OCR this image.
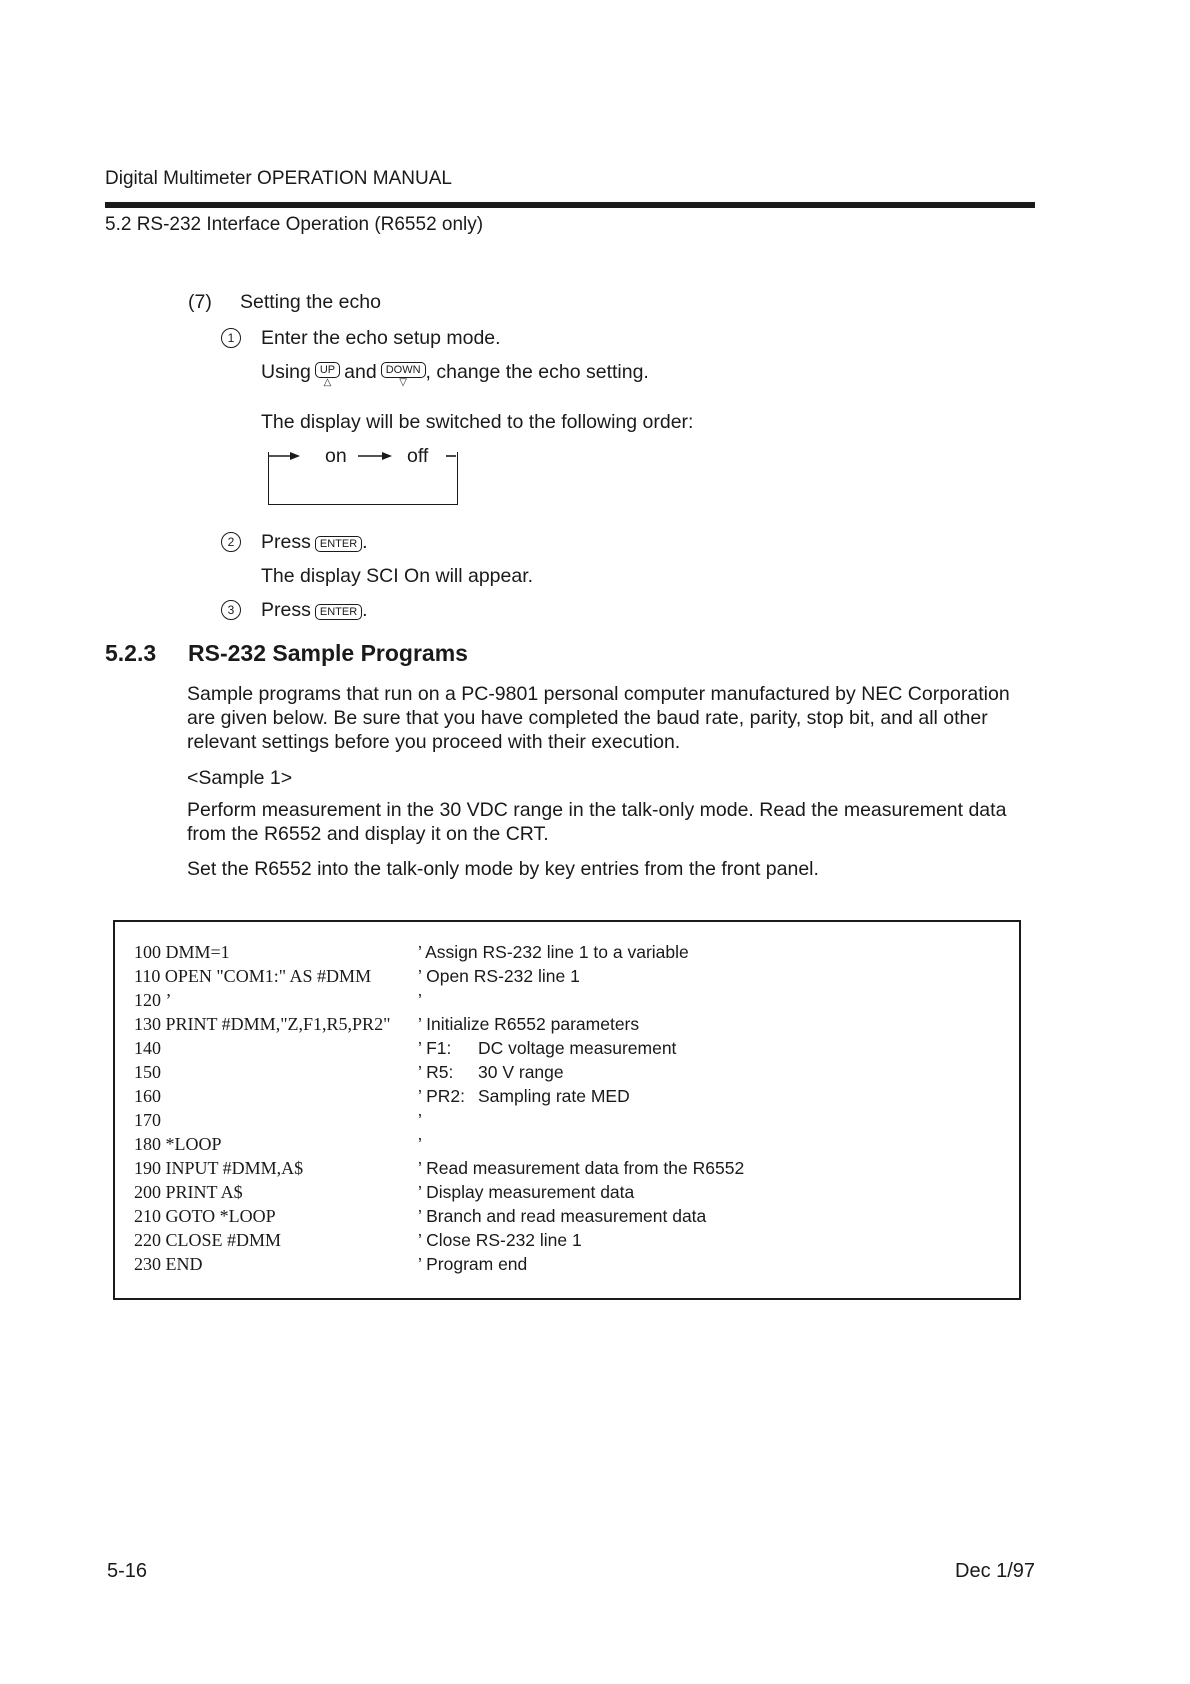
Digital Multimeter OPERATION MANUAL
5.2 RS-232 Interface Operation (R6552 only)
(7) Setting the echo
1	Enter the echo setup mode.
Using UP
△ and DOWN
▽ , change the echo setting.
The display will be switched to the following order:
on	off
2	Press ENTER .
The display SCI On will appear.
3	Press ENTER .
5.2.3 RS-232 Sample Programs
Sample programs that run on a PC-9801 personal computer manufactured by NEC Corporation are given below. Be sure that you have completed the baud rate, parity, stop bit, and all other relevant settings before you proceed with their execution.
<Sample 1>
Perform measurement in the 30 VDC range in the talk-only mode. Read the measurement data from the R6552 and display it on the CRT.
Set the R6552 into the talk-only mode by key entries from the front panel.
100 DMM=1	’ Assign RS-232 line 1 to a variable
110 OPEN "COM1:" AS #DMM	’ Open RS-232 line 1
120 ’	’
130 PRINT #DMM,"Z,F1,R5,PR2" ’ Initialize R6552 parameters
140	’ F1: DC voltage measurement
150	’ R5: 30 V range
160	’ PR2: Sampling rate MED
170	’
180 *LOOP	’
190 INPUT #DMM,A$	’ Read measurement data from the R6552
200 PRINT A$	’ Display measurement data
210 GOTO *LOOP	’ Branch and read measurement data
220 CLOSE #DMM	’ Close RS-232 line 1
230 END	’ Program end
5-16	Dec 1/97
